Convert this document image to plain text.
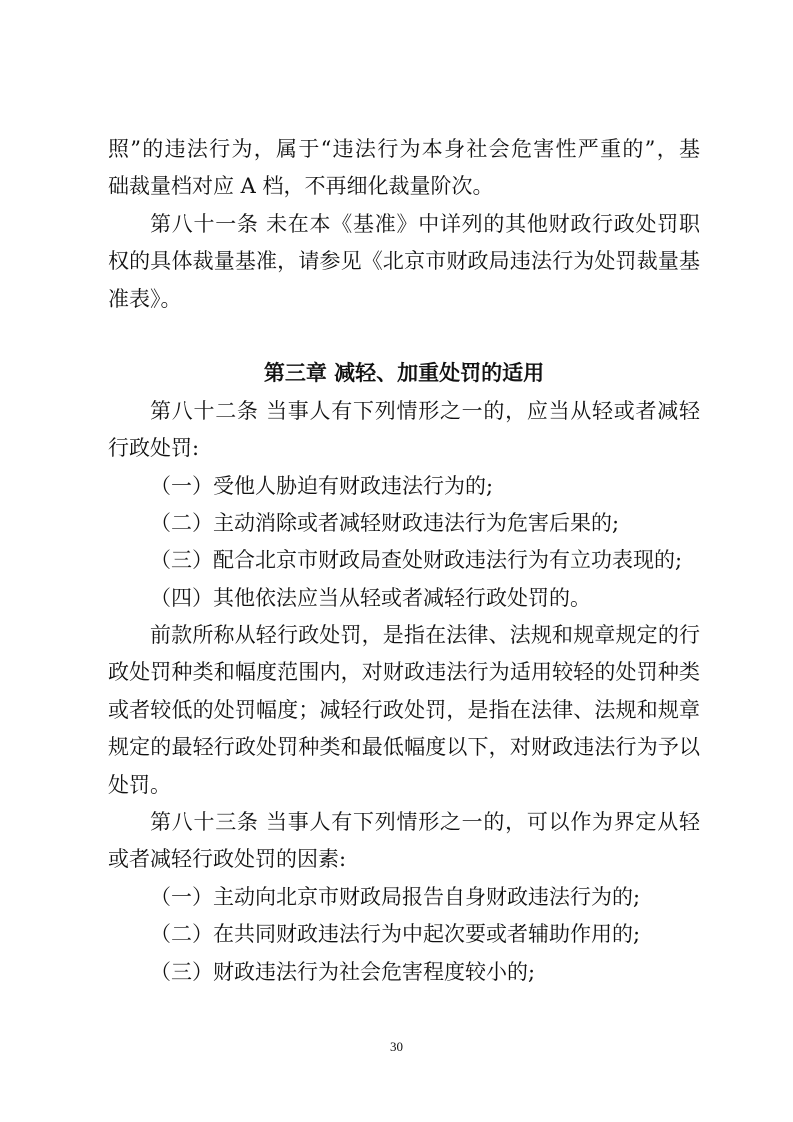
照”的违法行为，属于“违法行为本身社会危害性严重的”，基
础裁量档对应 A 档，不再细化裁量阶次。
第八十一条 未在本《基准》中详列的其他财政行政处罚职
权的具体裁量基准，请参见《北京市财政局违法行为处罚裁量基
准表》。
第三章 减轻、加重处罚的适用
第八十二条 当事人有下列情形之一的，应当从轻或者减轻
行政处罚:
（一）受他人胁迫有财政违法行为的;
（二）主动消除或者减轻财政违法行为危害后果的;
（三）配合北京市财政局查处财政违法行为有立功表现的;
（四）其他依法应当从轻或者减轻行政处罚的。
前款所称从轻行政处罚，是指在法律、法规和规章规定的行
政处罚种类和幅度范围内，对财政违法行为适用较轻的处罚种类
或者较低的处罚幅度；减轻行政处罚，是指在法律、法规和规章
规定的最轻行政处罚种类和最低幅度以下，对财政违法行为予以
处罚。
第八十三条 当事人有下列情形之一的，可以作为界定从轻
或者减轻行政处罚的因素:
（一）主动向北京市财政局报告自身财政违法行为的;
（二）在共同财政违法行为中起次要或者辅助作用的;
（三）财政违法行为社会危害程度较小的;
30
